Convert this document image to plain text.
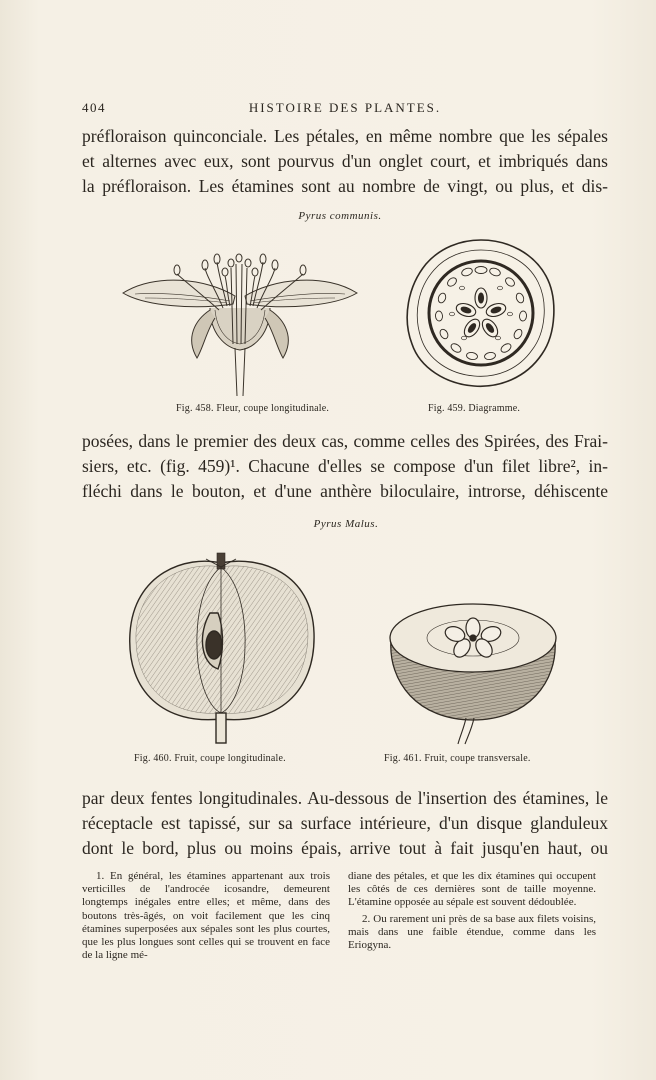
404	HISTOIRE DES PLANTES.
préfloraison quinconciale. Les pétales, en même nombre que les sépales
et alternes avec eux, sont pourvus d'un onglet court, et imbriqués dans
la préfloraison. Les étamines sont au nombre de vingt, ou plus, et dis-
Pyrus communis.
Fig. 458. Fleur, coupe longitudinale.	Fig. 459. Diagramme.
posées, dans le premier des deux cas, comme celles des Spirées, des Frai-
siers, etc. (fig. 459)¹. Chacune d'elles se compose d'un filet libre², in-
fléchi dans le bouton, et d'une anthère biloculaire, introrse, déhiscente
Pyrus Malus.
Fig. 460. Fruit, coupe longitudinale.	Fig. 461. Fruit, coupe transversale.
par deux fentes longitudinales. Au-dessous de l'insertion des étamines, le
réceptacle est tapissé, sur sa surface intérieure, d'un disque glanduleux
dont le bord, plus ou moins épais, arrive tout à fait jusqu'en haut, ou

1. En général, les étamines appartenant aux trois verticilles de l'androcée icosandre, demeurent longtemps inégales entre elles; et même, dans des boutons très-âgés, on voit facilement que les cinq étamines superposées aux sépales sont les plus courtes, que les plus longues sont celles qui se trouvent en face de la ligne mé-

diane des pétales, et que les dix étamines qui occupent les côtés de ces dernières sont de taille moyenne. L'étamine opposée au sépale est souvent dédoublée.

2. Ou rarement uni près de sa base aux filets voisins, mais dans une faible étendue, comme dans les Eriogyna.
